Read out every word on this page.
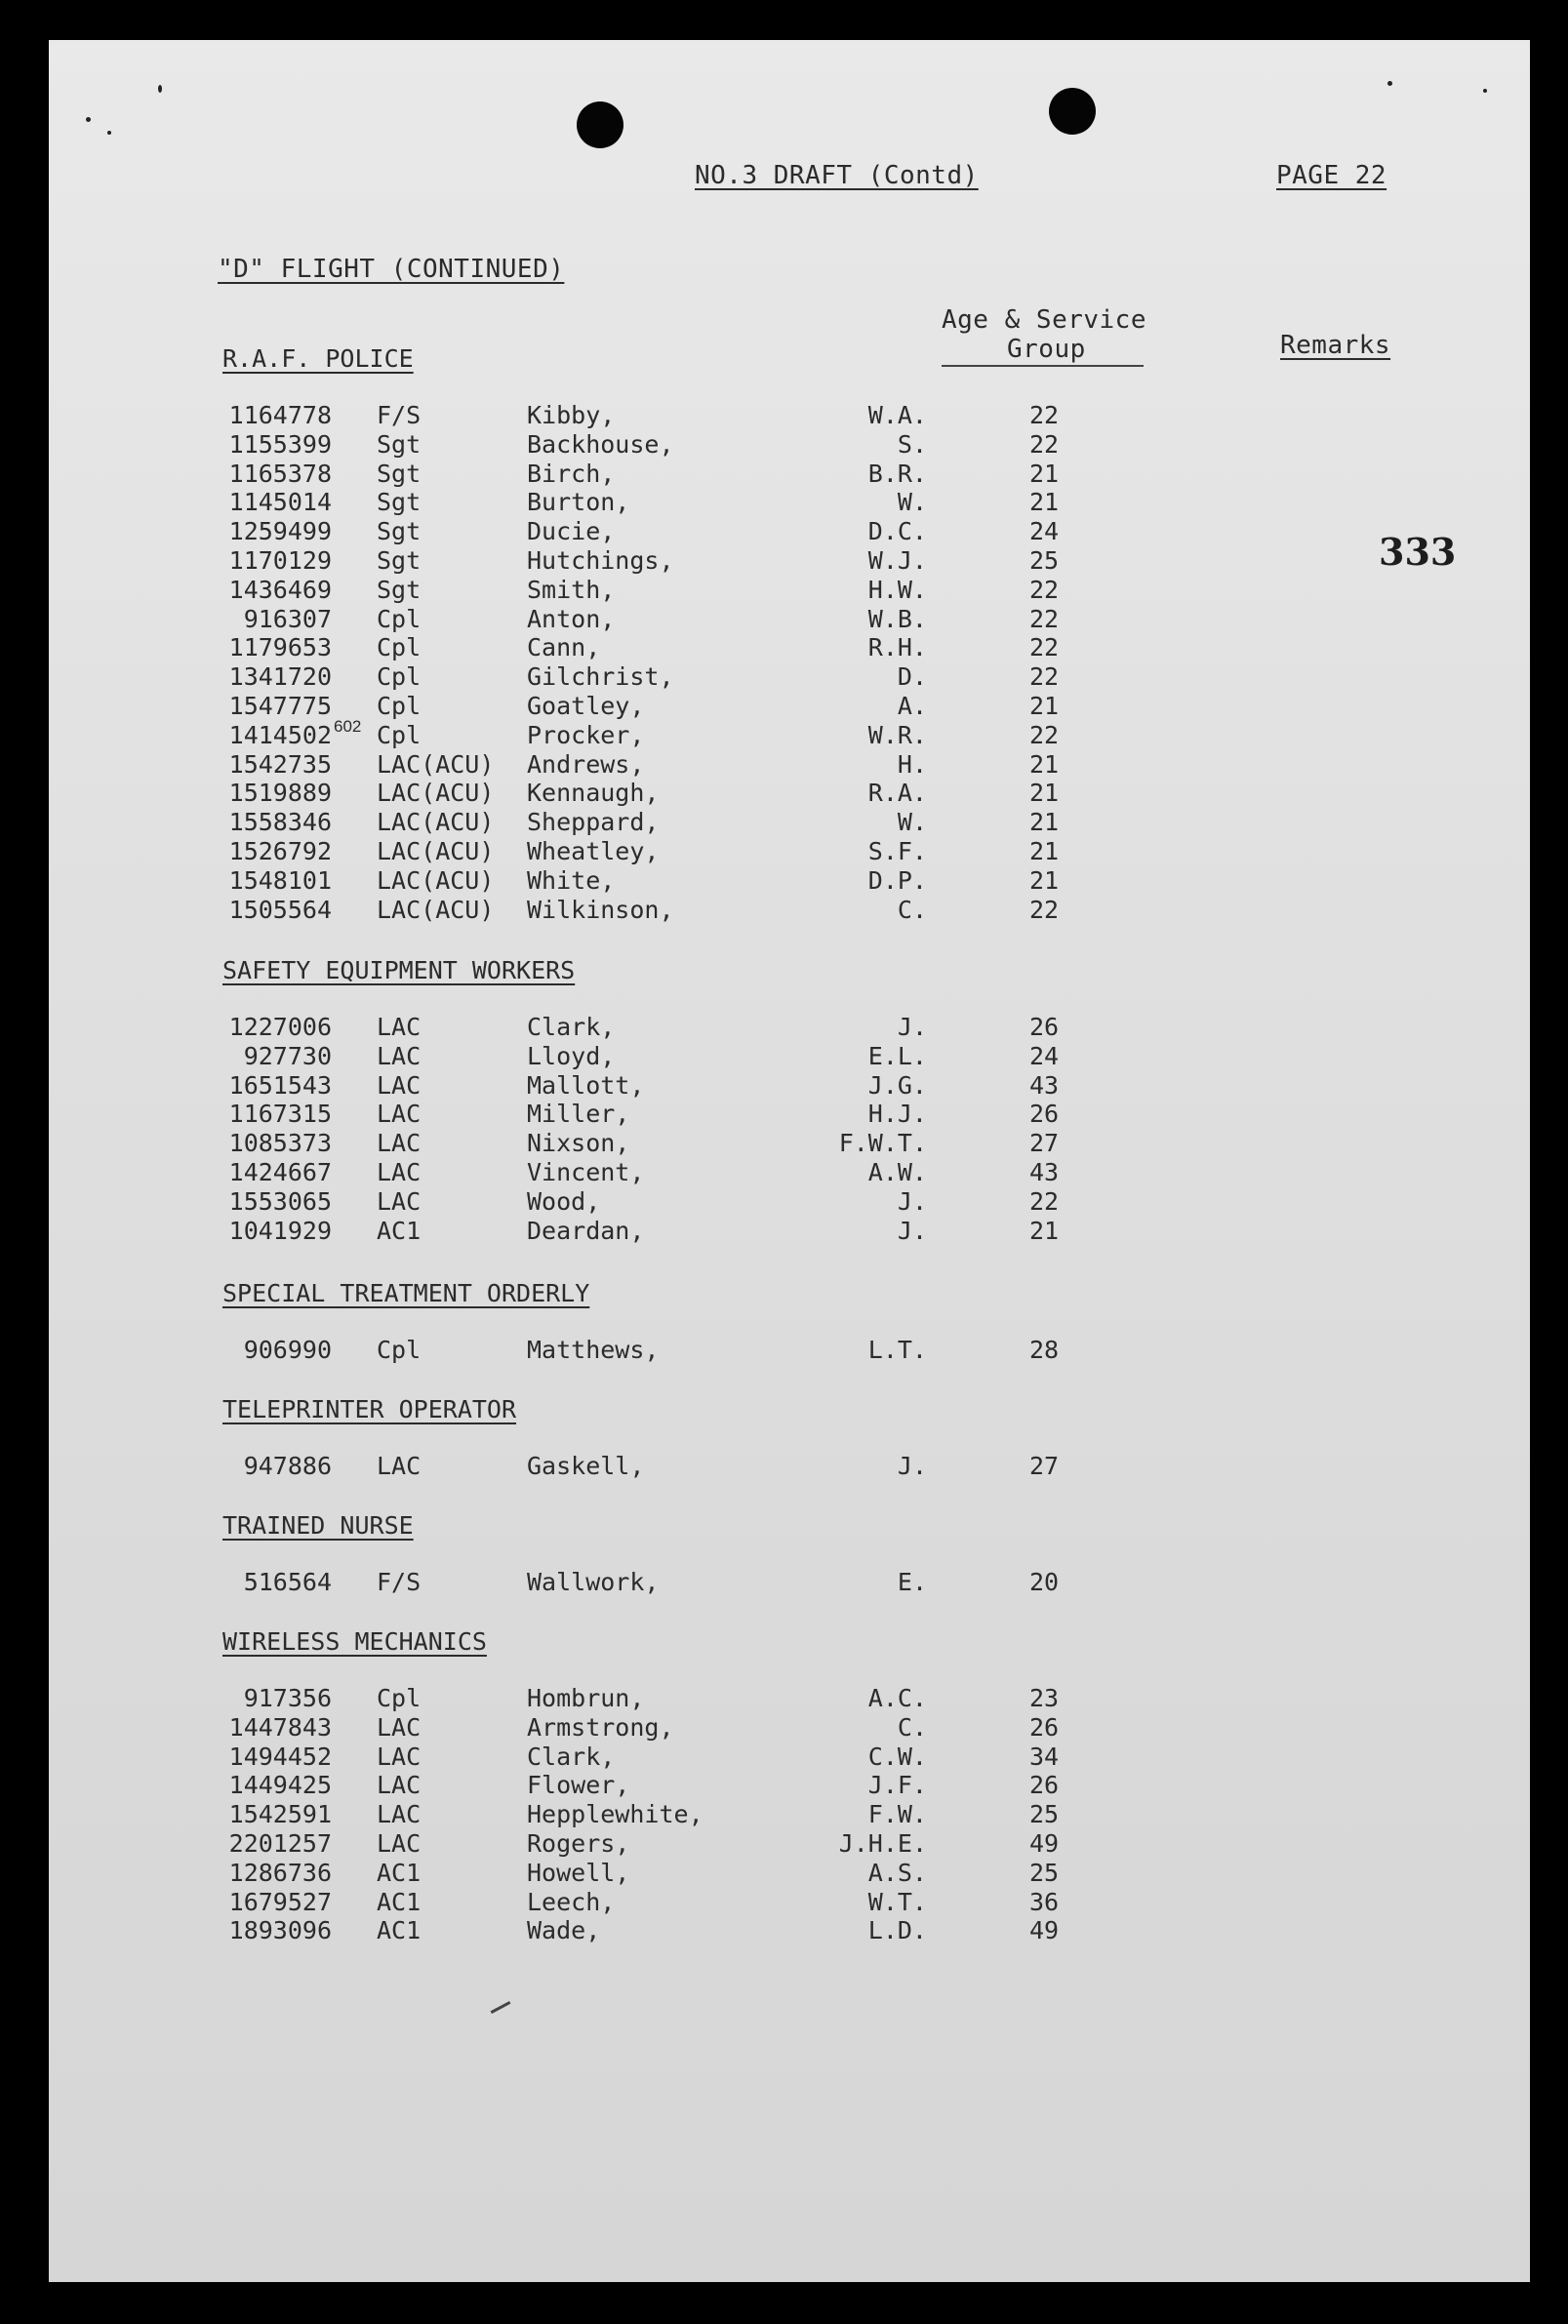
NO.3 DRAFT (Contd)	PAGE 22
"D" FLIGHT (CONTINUED)
Age & Service
Group	Remarks
333
R.A.F. POLICE
1164778 F/S	Kibby,	W.A.	22
1155399 Sgt	Backhouse,	S.	22
1165378 Sgt	Birch,	B.R.	21
1145014 Sgt	Burton,	W.	21
1259499 Sgt	Ducie,	D.C.	24
1170129 Sgt	Hutchings,	W.J.	25
1436469 Sgt	Smith,	H.W.	22
916307 Cpl	Anton,	W.B.	22
1179653 Cpl	Cann,	R.H.	22
1341720 Cpl	Gilchrist,	D.	22
1547775 Cpl	Goatley,	A.	21
1414502 Cpl	Procker,	W.R.	22
602
1542735 LAC(ACU) Andrews,	H.	21
1519889 LAC(ACU) Kennaugh,	R.A.	21
1558346 LAC(ACU) Sheppard,	W.	21
1526792 LAC(ACU) Wheatley,	S.F.	21
1548101 LAC(ACU) White,	D.P.	21
1505564 LAC(ACU) Wilkinson,	C.	22
SAFETY EQUIPMENT WORKERS
1227006 LAC	Clark,	J.	26
927730 LAC	Lloyd,	E.L.	24
1651543 LAC	Mallott,	J.G.	43
1167315 LAC	Miller,	H.J.	26
1085373 LAC	Nixson,	F.W.T.	27
1424667 LAC	Vincent,	A.W.	43
1553065 LAC	Wood,	J.	22
1041929 AC1	Deardan,	J.	21
SPECIAL TREATMENT ORDERLY
906990 Cpl	Matthews,	L.T.	28
TELEPRINTER OPERATOR
947886 LAC	Gaskell,	J.	27
TRAINED NURSE
516564 F/S	Wallwork,	E.	20
WIRELESS MECHANICS
917356 Cpl	Hombrun,	A.C.	23
1447843 LAC	Armstrong,	C.	26
1494452 LAC	Clark,	C.W.	34
1449425 LAC	Flower,	J.F.	26
1542591 LAC	Hepplewhite,	F.W.	25
2201257 LAC	Rogers,	J.H.E.	49
1286736 AC1	Howell,	A.S.	25
1679527 AC1	Leech,	W.T.	36
1893096 AC1	Wade,	L.D.	49
